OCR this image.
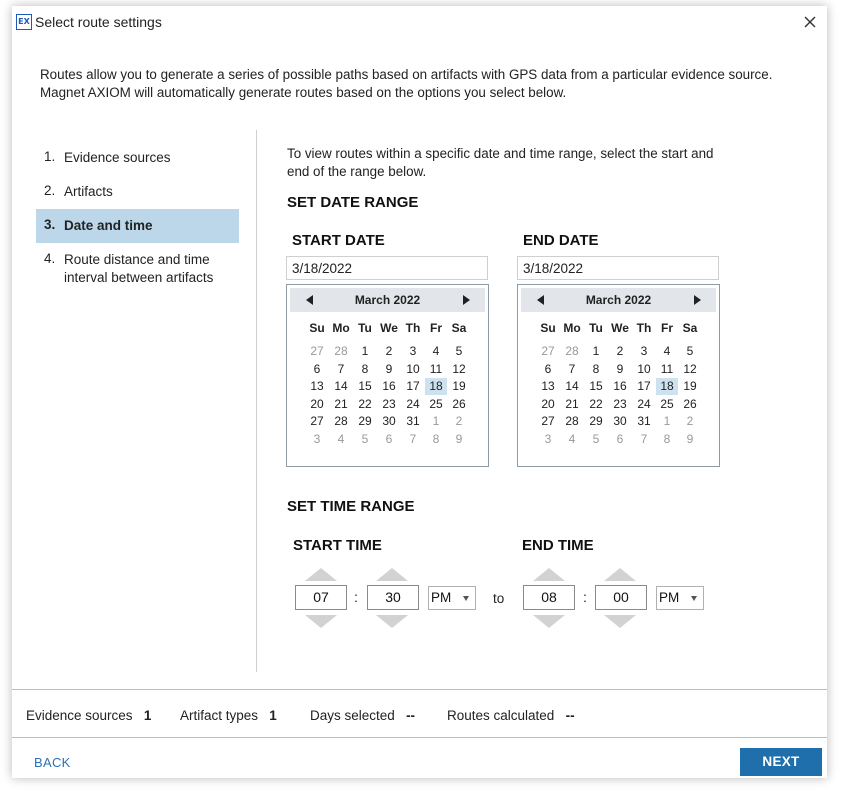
EX Select route settings
Routes allow you to generate a series of possible paths based on artifacts with GPS data from a particular evidence source. Magnet AXIOM will automatically generate routes based on the options you select below.
1. Evidence sources
2. Artifacts
3. Date and time
4. Route distance and time interval between artifacts
To view routes within a specific date and time range, select the start and end of the range below.
SET DATE RANGE
START DATE
3/18/2022
March 2022
Su Mo Tu We Th Fr Sa
27 28	1	2	3	4	5
6	7	8	9	10 11 12
13 14 15 16 17 18 19
20 21 22 23 24 25 26
27 28 29 30 31	1	2
3	4	5	6	7	8	9
END DATE
3/18/2022
March 2022
Su Mo Tu We Th Fr Sa
27 28	1	2	3	4	5
6	7	8	9	10 11 12
13 14 15 16 17 18 19
20 21 22 23 24 25 26
27 28 29 30 31	1	2
3	4	5	6	7	8	9
SET TIME RANGE
START TIME	END TIME
07	:	30	PM	to	08	:	00	PM
Evidence sources 1 Artifact types 1 Days selected -- Routes calculated --
BACK	NEXT
